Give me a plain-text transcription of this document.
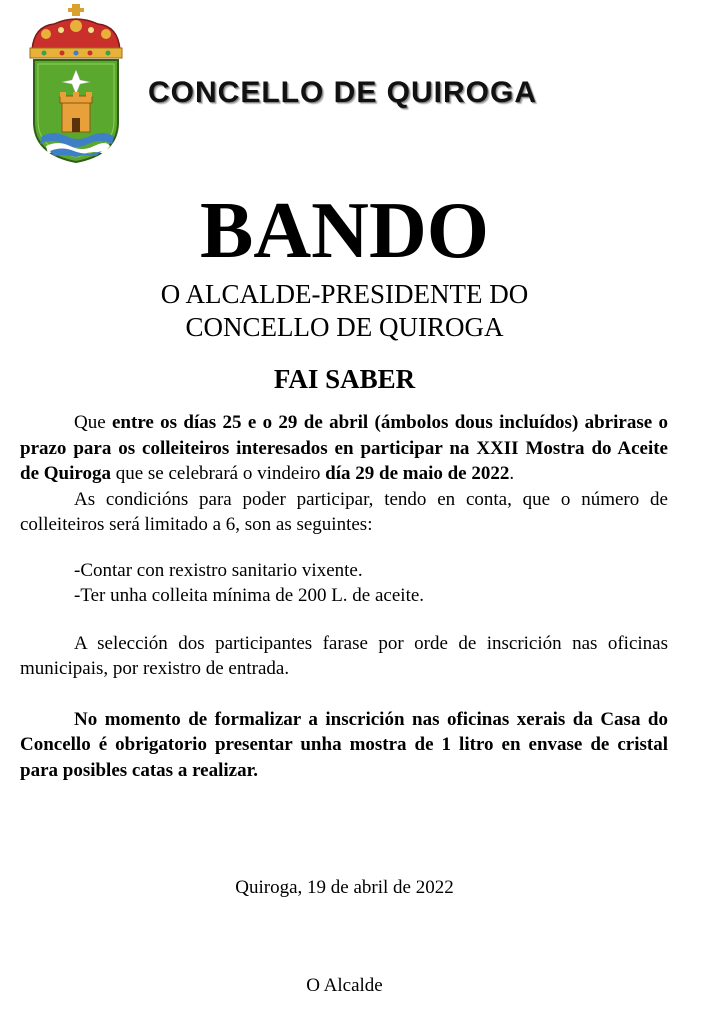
CONCELLO DE QUIROGA
BANDO
O ALCALDE-PRESIDENTE DO
CONCELLO DE QUIROGA
FAI SABER

Que entre os días 25 e o 29 de abril (ámbolos dous incluídos) abrirase o prazo para os colleiteiros interesados en participar na XXII Mostra do Aceite de Quiroga que se celebrará o vindeiro día 29 de maio de 2022.

As condicións para poder participar, tendo en conta, que o número de colleiteiros será limitado a 6, son as seguintes:

-Contar con rexistro sanitario vixente.
-Ter unha colleita mínima de 200 L. de aceite.

A selección dos participantes farase por orde de inscrición nas oficinas municipais, por rexistro de entrada.

No momento de formalizar a inscrición nas oficinas xerais da Casa do Concello é obrigatorio presentar unha mostra de 1 litro en envase de cristal para posibles catas a realizar.

Quiroga, 19 de abril de 2022
O Alcalde
